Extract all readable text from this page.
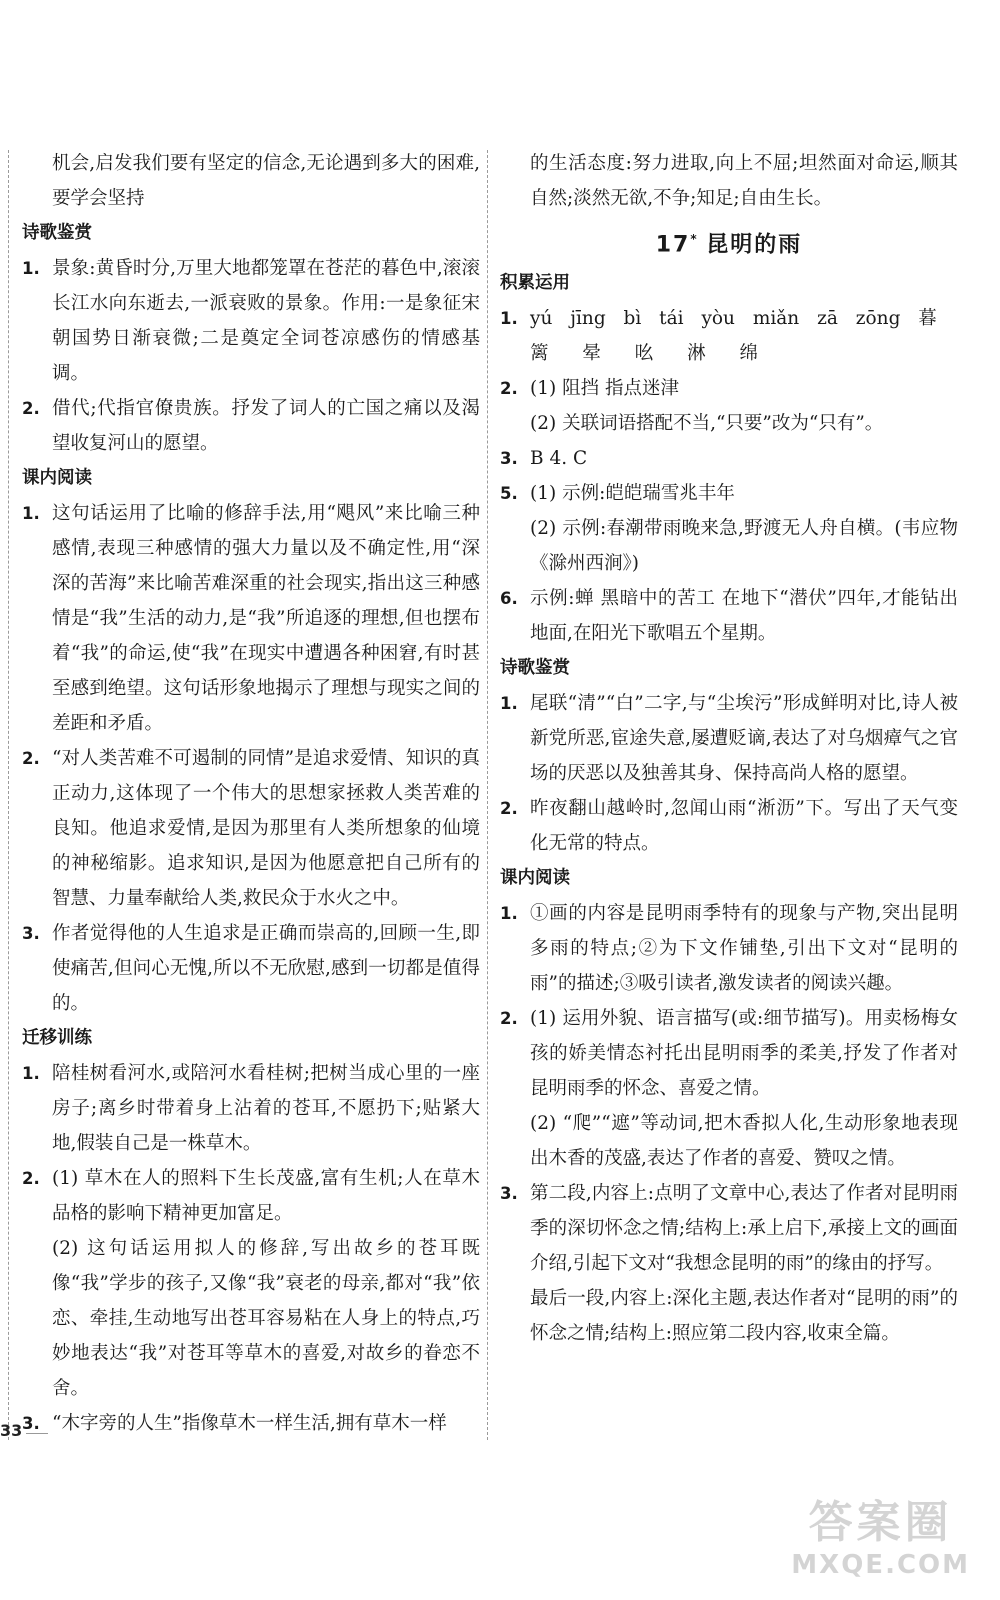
机会,启发我们要有坚定的信念,无论遇到多大的困难,要学会坚持

诗歌鉴赏

1. 景象:黄昏时分,万里大地都笼罩在苍茫的暮色中,滚滚长江水向东逝去,一派衰败的景象。作用:一是象征宋朝国势日渐衰微;二是奠定全词苍凉感伤的情感基调。
2. 借代;代指官僚贵族。抒发了词人的亡国之痛以及渴望收复河山的愿望。

课内阅读

1. 这句话运用了比喻的修辞手法,用“飓风”来比喻三种感情,表现三种感情的强大力量以及不确定性,用“深深的苦海”来比喻苦难深重的社会现实,指出这三种感情是“我”生活的动力,是“我”所追逐的理想,但也摆布着“我”的命运,使“我”在现实中遭遇各种困窘,有时甚至感到绝望。这句话形象地揭示了理想与现实之间的差距和矛盾。
2. “对人类苦难不可遏制的同情”是追求爱情、知识的真正动力,这体现了一个伟大的思想家拯救人类苦难的良知。他追求爱情,是因为那里有人类所想象的仙境的神秘缩影。追求知识,是因为他愿意把自己所有的智慧、力量奉献给人类,救民众于水火之中。
3. 作者觉得他的人生追求是正确而崇高的,回顾一生,即使痛苦,但问心无愧,所以不无欣慰,感到一切都是值得的。

迁移训练

1. 陪桂树看河水,或陪河水看桂树;把树当成心里的一座房子;离乡时带着身上沾着的苍耳,不愿扔下;贴紧大地,假装自己是一株草木。
2. (1) 草木在人的照料下生长茂盛,富有生机;人在草木品格的影响下精神更加富足。

(2) 这句话运用拟人的修辞,写出故乡的苍耳既像“我”学步的孩子,又像“我”衰老的母亲,都对“我”依恋、牵挂,生动地写出苍耳容易粘在人身上的特点,巧妙地表达“我”对苍耳等草木的喜爱,对故乡的眷恋不舍。

3. “木字旁的人生”指像草木一样生活,拥有草木一样

的生活态度:努力进取,向上不屈;坦然面对命运,顺其自然;淡然无欲,不争;知足;自由生长。

17* 昆明的雨

积累运用

1. yú jīng bì tái yòu miǎn zā zōng 暮

篱 晕 吆 淋 绵

2. (1) 阻挡 指点迷津

(2) 关联词语搭配不当,“只要”改为“只有”。

3. B 4. C
5. (1) 示例:皑皑瑞雪兆丰年

(2) 示例:春潮带雨晚来急,野渡无人舟自横。(韦应物《滁州西涧》)

6. 示例:蝉 黑暗中的苦工 在地下“潜伏”四年,才能钻出地面,在阳光下歌唱五个星期。

诗歌鉴赏

1. 尾联“清”“白”二字,与“尘埃污”形成鲜明对比,诗人被新党所恶,宦途失意,屡遭贬谪,表达了对乌烟瘴气之官场的厌恶以及独善其身、保持高尚人格的愿望。
2. 昨夜翻山越岭时,忽闻山雨“淅沥”下。写出了天气变化无常的特点。

课内阅读

1. ①画的内容是昆明雨季特有的现象与产物,突出昆明多雨的特点;②为下文作铺垫,引出下文对“昆明的雨”的描述;③吸引读者,激发读者的阅读兴趣。
2. (1) 运用外貌、语言描写(或:细节描写)。用卖杨梅女孩的娇美情态衬托出昆明雨季的柔美,抒发了作者对昆明雨季的怀念、喜爱之情。

(2) “爬”“遮”等动词,把木香拟人化,生动形象地表现出木香的茂盛,表达了作者的喜爱、赞叹之情。

3. 第二段,内容上:点明了文章中心,表达了作者对昆明雨季的深切怀念之情;结构上:承上启下,承接上文的画面介绍,引起下文对“我想念昆明的雨”的缘由的抒写。

最后一段,内容上:深化主题,表达作者对“昆明的雨”的怀念之情;结构上:照应第二段内容,收束全篇。

33
答案圈
MXQE.COM
